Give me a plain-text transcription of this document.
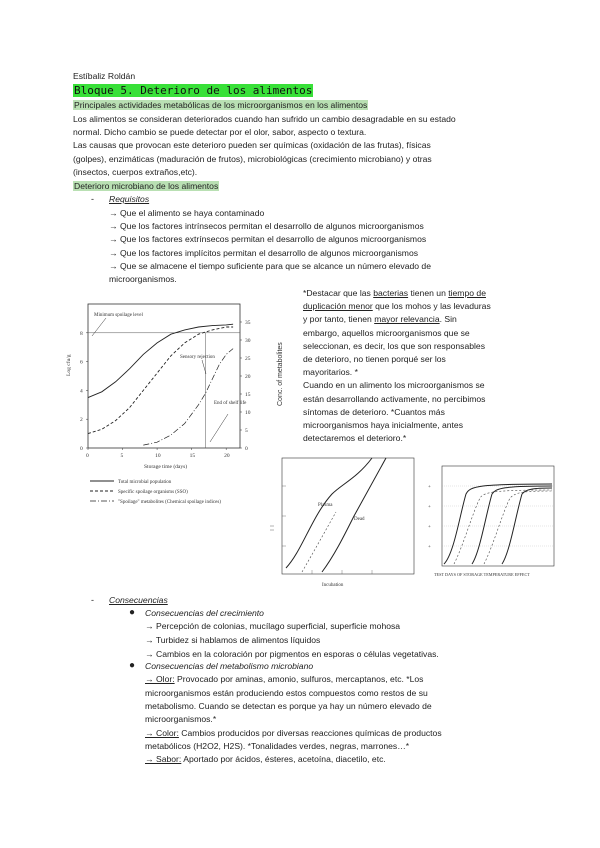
Estíbaliz Roldán
Bloque 5. Deterioro de los alimentos
Principales actividades metabólicas de los microorganismos en los alimentos
Los alimentos se consideran deteriorados cuando han sufrido un cambio desagradable en su estado
normal. Dicho cambio se puede detectar por el olor, sabor, aspecto o textura.
Las causas que provocan este deterioro pueden ser químicas (oxidación de las frutas), físicas
(golpes), enzimáticas (maduración de frutos), microbiológicas (crecimiento microbiano) y otras
(insectos, cuerpos extraños,etc).
Deterioro microbiano de los alimentos
- Requisitos
→ Que el alimento se haya contaminado
→ Que los factores intrínsecos permitan el desarrollo de algunos microorganismos
→ Que los factores extrínsecos permitan el desarrollo de algunos microorganismos
→ Que los factores implícitos permitan el desarrollo de algunos microorganismos
→ Que se almacene el tiempo suficiente para que se alcance un número elevado de
microorganismos.
0	5	10	15	20
0
2
4
6
8
0
5
10
15
20
25
30
35
Log cfu/g	Conc. of metabolites
Storage time (days)
Minimum spoilage level
Sensory rejection
End of shelf life
Total microbial population
Specific spoilage organisms (SSO)
"Spoilage" metabolites (Chemical spoilage indices)
*Destacar que las bacterias tienen un tiempo de
duplicación menor que los mohos y las levaduras
y por tanto, tienen mayor relevancia. Sin
embargo, aquellos microorganismos que se
seleccionan, es decir, los que son responsables
de deterioro, no tienen porqué ser los
mayoritarios. *
Cuando en un alimento los microorganismos se
están desarrollando activamente, no percibimos
síntomas de deterioro. *Cuantos más
microorganismos haya inicialmente, antes
detectaremos el deterioro.*
Plasma
Dead
Incubation
+
+
+
+
TEST DAYS OF STORAGE TEMPERATURE EFFECT
- Consecuencias
● Consecuencias del crecimiento
→ Percepción de colonias, mucílago superficial, superficie mohosa
→ Turbidez si hablamos de alimentos líquidos
→ Cambios en la coloración por pigmentos en esporas o células vegetativas.
● Consecuencias del metabolismo microbiano
→ Olor: Provocado por aminas, amonio, sulfuros, mercaptanos, etc. *Los
microorganismos están produciendo estos compuestos como restos de su
metabolismo. Cuando se detectan es porque ya hay un número elevado de
microorganismos.*
→ Color: Cambios producidos por diversas reacciones químicas de productos
metabólicos (H2O2, H2S). *Tonalidades verdes, negras, marrones…*
→ Sabor: Aportado por ácidos, ésteres, acetoína, diacetilo, etc.
